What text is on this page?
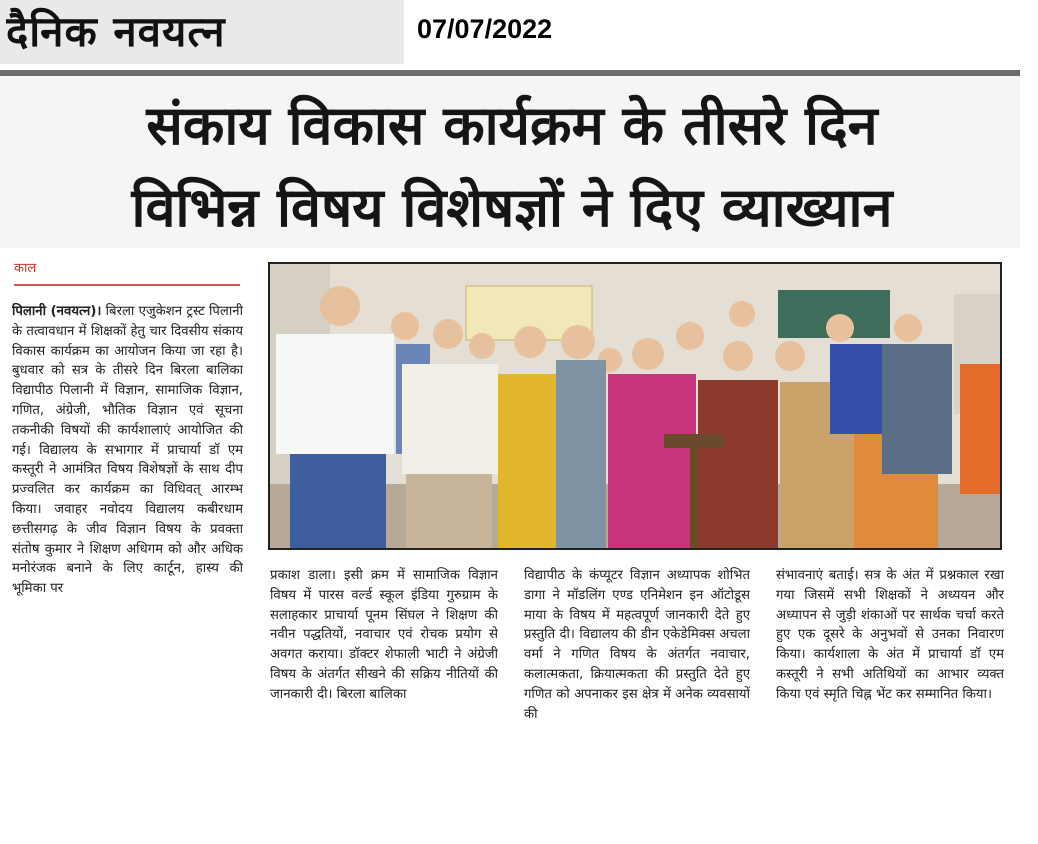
दैनिक नवयत्न	07/07/2022
संकाय विकास कार्यक्रम के तीसरे दिन
विभिन्न विषय विशेषज्ञों ने दिए व्याख्यान
काल
पिलानी (नवयत्न)। बिरला एजुकेशन ट्रस्ट पिलानी के तत्वावधान में शिक्षकों हेतु चार दिवसीय संकाय विकास कार्यक्रम का आयोजन किया जा रहा है। बुधवार को सत्र के तीसरे दिन बिरला बालिका विद्यापीठ पिलानी में विज्ञान, सामाजिक विज्ञान, गणित, अंग्रेजी, भौतिक विज्ञान एवं सूचना तकनीकी विषयों की कार्यशालाएं आयोजित की गई। विद्यालय के सभागार में प्राचार्या डॉ एम कस्तूरी ने आमंत्रित विषय विशेषज्ञों के साथ दीप प्रज्वलित कर कार्यक्रम का विधिवत् आरम्भ किया। जवाहर नवोदय विद्यालय कबीरधाम छत्तीसगढ़ के जीव विज्ञान विषय के प्रवक्ता संतोष कुमार ने शिक्षण अधिगम को और अधिक मनोरंजक बनाने के लिए कार्टून, हास्य की भूमिका पर
प्रकाश डाला। इसी क्रम में सामाजिक विज्ञान विषय में पारस वर्ल्ड स्कूल इंडिया गुरुग्राम के सलाहकार प्राचार्या पूनम सिंघल ने शिक्षण की नवीन पद्धतियों, नवाचार एवं रोचक प्रयोग से अवगत कराया। डॉक्टर शेफाली भाटी ने अंग्रेजी विषय के अंतर्गत सीखने की सक्रिय नीतियों की जानकारी दी। बिरला बालिका
विद्यापीठ के कंप्यूटर विज्ञान अध्यापक शोभित डागा ने मॉडलिंग एण्ड एनिमेशन इन ऑटोडूस माया के विषय में महत्वपूर्ण जानकारी देते हुए प्रस्तुति दी। विद्यालय की डीन एकेडेमिक्स अचला वर्मा ने गणित विषय के अंतर्गत नवाचार, कलात्मकता, क्रियात्मकता की प्रस्तुति देते हुए गणित को अपनाकर इस क्षेत्र में अनेक व्यवसायों की
संभावनाएं बताई। सत्र के अंत में प्रश्नकाल रखा गया जिसमें सभी शिक्षकों ने अध्ययन और अध्यापन से जुड़ी शंकाओं पर सार्थक चर्चा करते हुए एक दूसरे के अनुभवों से उनका निवारण किया। कार्यशाला के अंत में प्राचार्या डॉ एम कस्तूरी ने सभी अतिथियों का आभार व्यक्त किया एवं स्मृति चिह्न भेंट कर सम्मानित किया।
